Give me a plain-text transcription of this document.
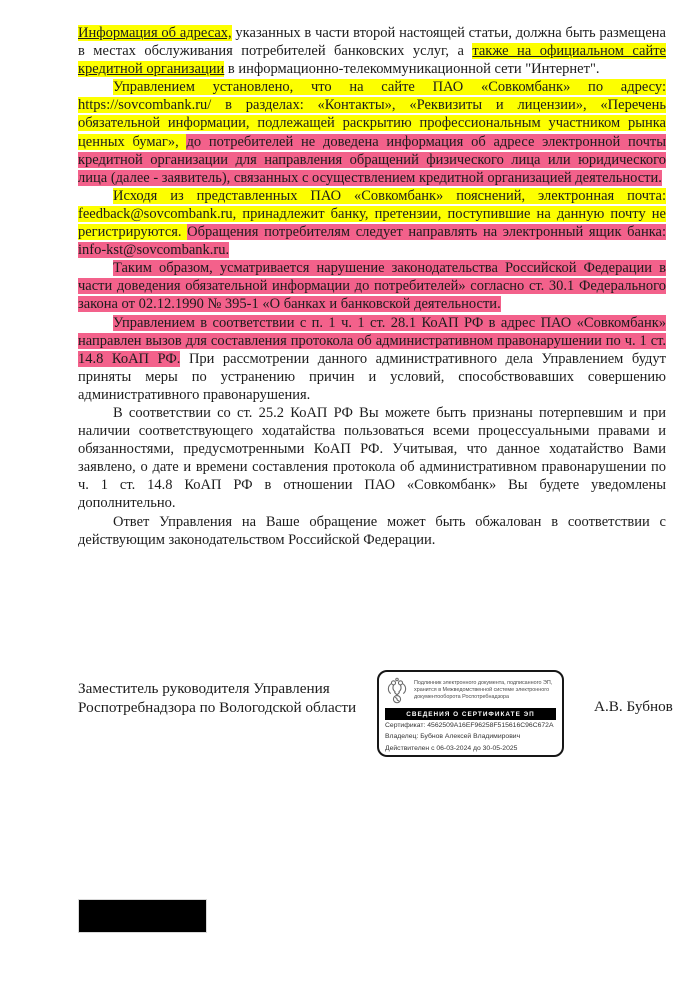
Информация об адресах, указанных в части второй настоящей статьи, должна быть размещена в местах обслуживания потребителей банковских услуг, а также на официальном сайте кредитной организации в информационно-телекоммуникационной сети "Интернет".

Управлением установлено, что на сайте ПАО «Совкомбанк» по адресу: https://sovcombank.ru/ в разделах: «Контакты», «Реквизиты и лицензии», «Перечень обязательной информации, подлежащей раскрытию профессиональным участником рынка ценных бумаг», до потребителей не доведена информация об адресе электронной почты кредитной организации для направления обращений физического лица или юридического лица (далее - заявитель), связанных с осуществлением кредитной организацией деятельности.

Исходя из представленных ПАО «Совкомбанк» пояснений, электронная почта: feedback@sovcombank.ru, принадлежит банку, претензии, поступившие на данную почту не регистрируются. Обращения потребителям следует направлять на электронный ящик банка: info-kst@sovcombank.ru.

Таким образом, усматривается нарушение законодательства Российской Федерации в части доведения обязательной информации до потребителей» согласно ст. 30.1 Федерального закона от 02.12.1990 № 395-1 «О банках и банковской деятельности.

Управлением в соответствии с п. 1 ч. 1 ст. 28.1 КоАП РФ в адрес ПАО «Совкомбанк» направлен вызов для составления протокола об административном правонарушении по ч. 1 ст. 14.8 КоАП РФ. При рассмотрении данного административного дела Управлением будут приняты меры по устранению причин и условий, способствовавших совершению административного правонарушения.

В соответствии со ст. 25.2 КоАП РФ Вы можете быть признаны потерпевшим и при наличии соответствующего ходатайства пользоваться всеми процессуальными правами и обязанностями, предусмотренными КоАП РФ. Учитывая, что данное ходатайство Вами заявлено, о дате и времени составления протокола об административном правонарушении по ч. 1 ст. 14.8 КоАП РФ в отношении ПАО «Совкомбанк» Вы будете уведомлены дополнительно.

Ответ Управления на Ваше обращение может быть обжалован в соответствии с действующим законодательством Российской Федерации.

Заместитель руководителя Управления
Роспотребнадзора по Вологодской области
Подлинник электронного документа, подписанного ЭП, хранится в Межведомственной системе электронного документооборота Роспотребнадзора
СВЕДЕНИЯ О СЕРТИФИКАТЕ ЭП
Сертификат: 4562509A16EF96258F515616C96C672A
Владелец: Бубнов Алексей Владимирович
Действителен с 06-03-2024 до 30-05-2025
А.В. Бубнов
